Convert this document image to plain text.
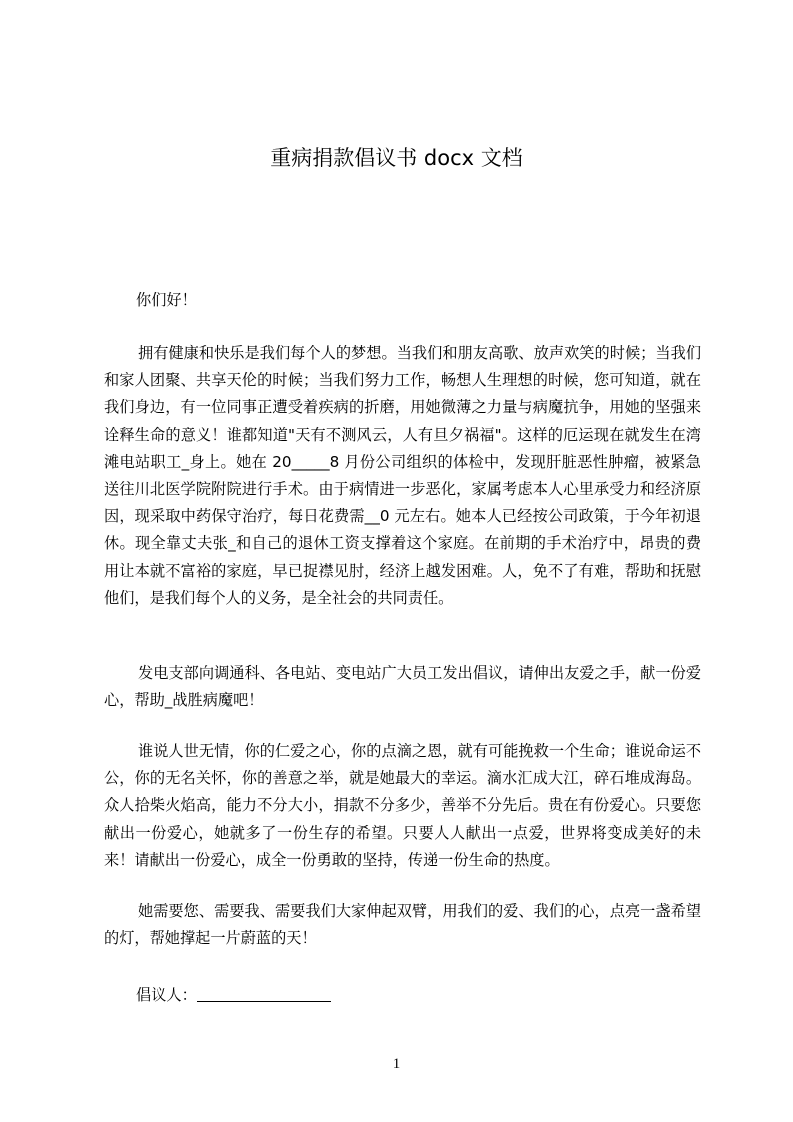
重病捐款倡议书 docx 文档

你们好！

拥有健康和快乐是我们每个人的梦想。当我们和朋友高歌、放声欢笑的时候；当我们和家人团聚、共享天伦的时候；当我们努力工作，畅想人生理想的时候，您可知道，就在我们身边，有一位同事正遭受着疾病的折磨，用她微薄之力量与病魔抗争，用她的坚强来诠释生命的意义！谁都知道"天有不测风云，人有旦夕祸福"。这样的厄运现在就发生在湾滩电站职工_身上。她在 20_____8 月份公司组织的体检中，发现肝脏恶性肿瘤，被紧急送往川北医学院附院进行手术。由于病情进一步恶化，家属考虑本人心里承受力和经济原因，现采取中药保守治疗，每日花费需__0 元左右。她本人已经按公司政策，于今年初退休。现全靠丈夫张_和自己的退休工资支撑着这个家庭。在前期的手术治疗中，昂贵的费用让本就不富裕的家庭，早已捉襟见肘，经济上越发困难。人，免不了有难，帮助和抚慰他们，是我们每个人的义务，是全社会的共同责任。

发电支部向调通科、各电站、变电站广大员工发出倡议，请伸出友爱之手，献一份爱心，帮助_战胜病魔吧！

谁说人世无情，你的仁爱之心，你的点滴之恩，就有可能挽救一个生命；谁说命运不公，你的无名关怀，你的善意之举，就是她最大的幸运。滴水汇成大江，碎石堆成海岛。众人拾柴火焰高，能力不分大小，捐款不分多少，善举不分先后。贵在有份爱心。只要您献出一份爱心，她就多了一份生存的希望。只要人人献出一点爱，世界将变成美好的未来！请献出一份爱心，成全一份勇敢的坚持，传递一份生命的热度。

她需要您、需要我、需要我们大家伸起双臂，用我们的爱、我们的心，点亮一盏希望的灯，帮她撑起一片蔚蓝的天！

倡议人：

1
